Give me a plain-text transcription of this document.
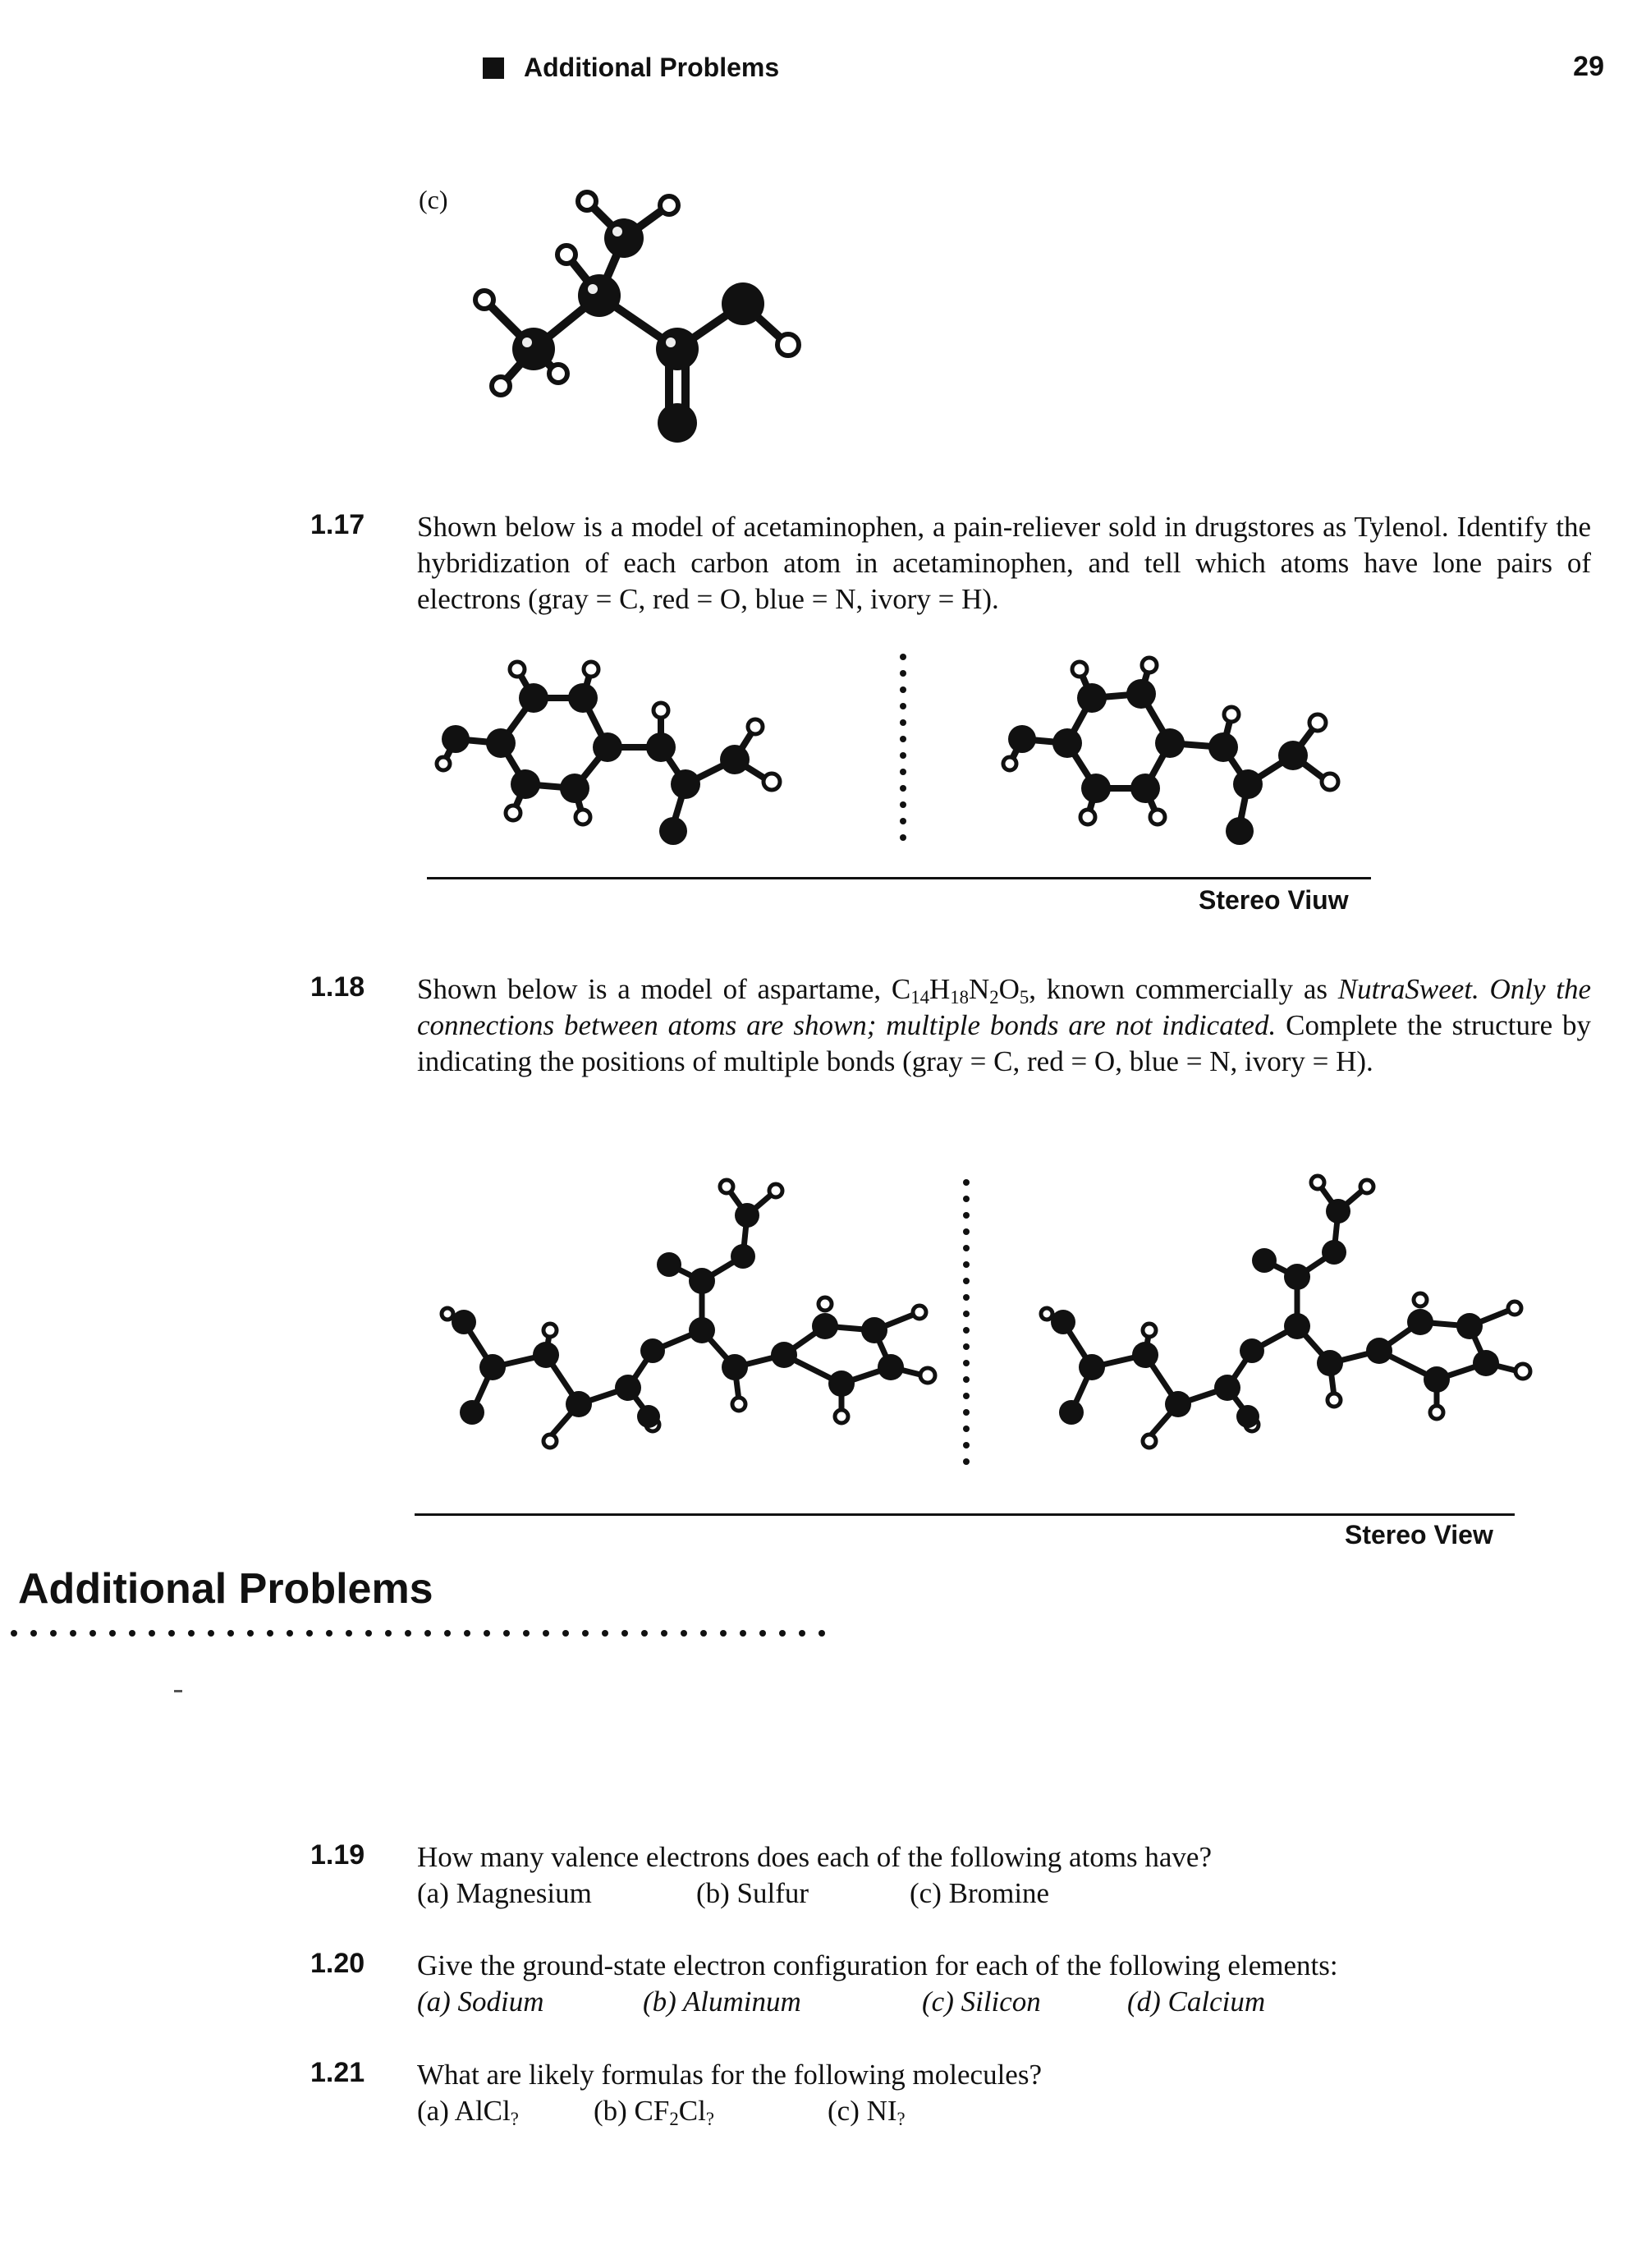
Additional Problems	29
(c)
1.17 Shown below is a model of acetaminophen, a pain-reliever sold in drugstores as Tylenol. Identify the hybridization of each carbon atom in acetaminophen, and tell which atoms have lone pairs of electrons (gray = C, red = O, blue = N, ivory = H).
Stereo Viuw
1.18 Shown below is a model of aspartame, $C_{14}H_{18}N_2O_5$, known commercially as NutraSweet. Only the connections between atoms are shown; multiple bonds are not indicated. Complete the structure by indicating the positions of multiple bonds (gray = C, red = O, blue = N, ivory = H).
Stereo View
Additional Problems
1.19 How many valence electrons does each of the following atoms have?
(a) Magnesium	(b) Sulfur	(c) Bromine
1.20 Give the ground-state electron configuration for each of the following elements:
(a) Sodium	(b) Aluminum	(c) Silicon	(d) Calcium
1.21 What are likely formulas for the following molecules?
(a) AlCl$_?$	(b) $CF_2Cl_?$	(c) $NI_?$
